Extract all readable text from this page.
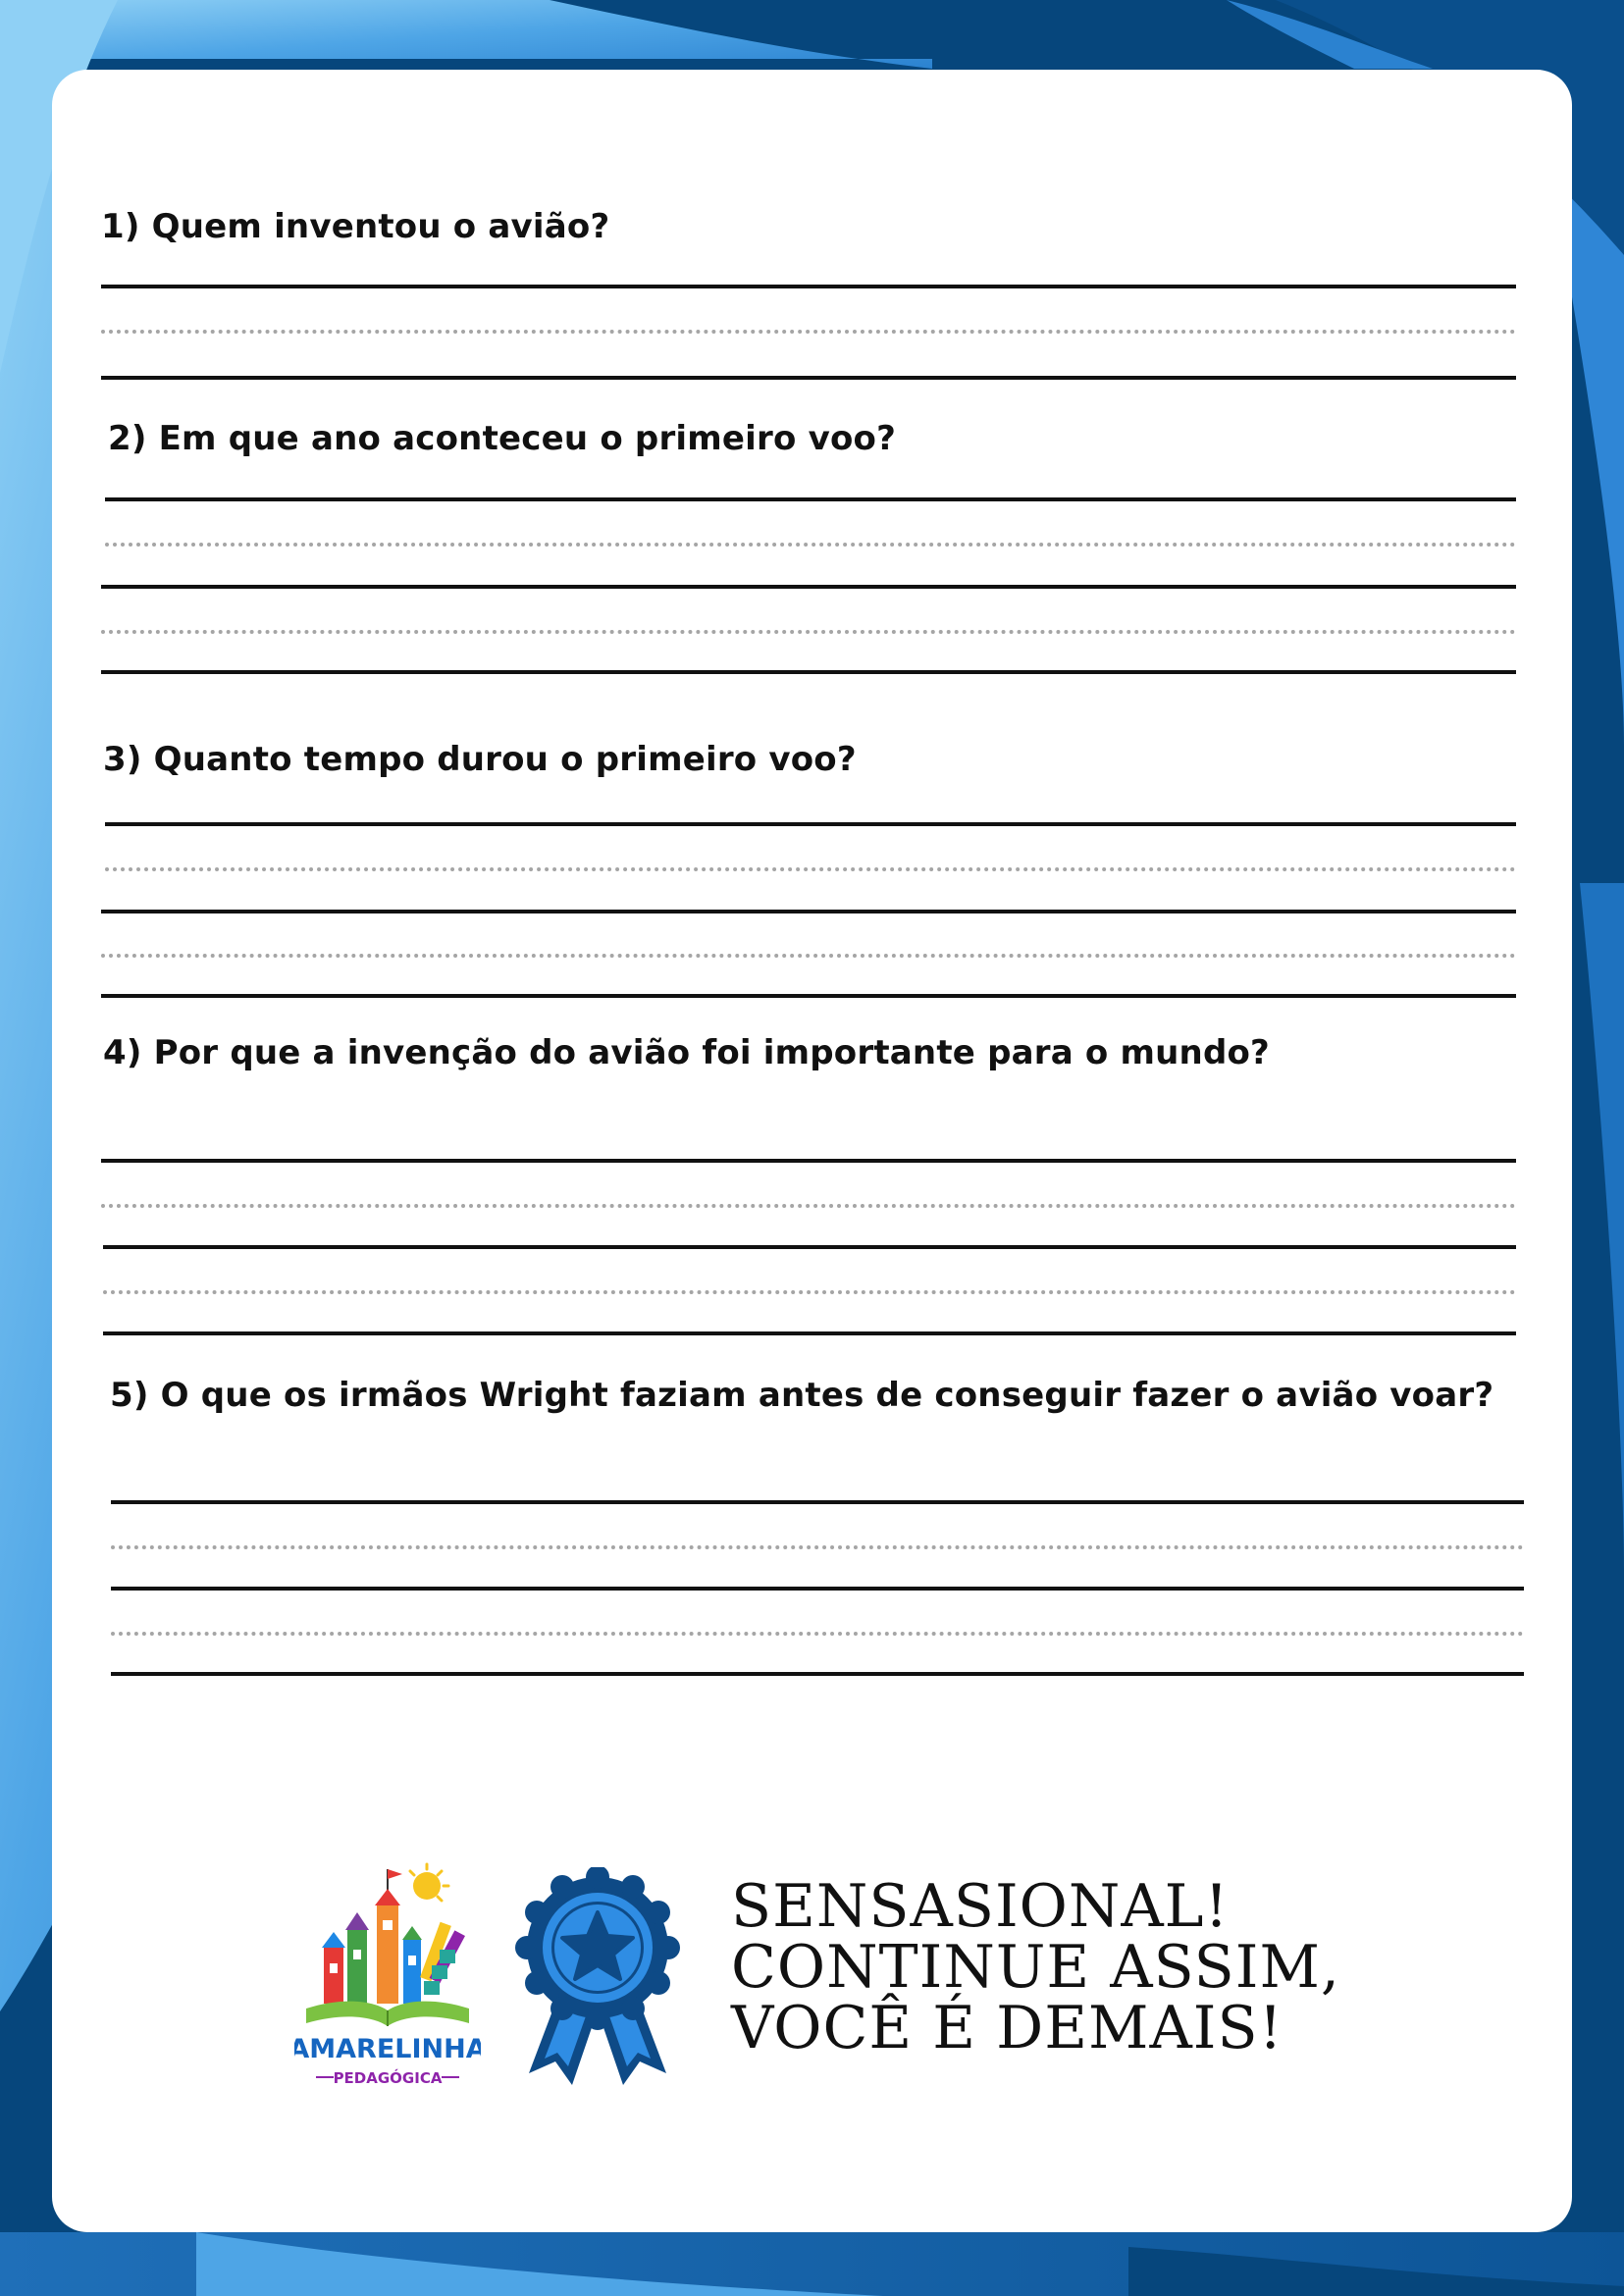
1) Quem inventou o avião?

2) Em que ano aconteceu o primeiro voo?

3) Quanto tempo durou o primeiro voo?

4) Por que a invenção do avião foi importante para o mundo?

5) O que os irmãos Wright faziam antes de conseguir fazer o avião voar?

AMARELINHA
PEDAGÓGICA
SENSASIONAL!
CONTINUE ASSIM,
VOCÊ É DEMAIS!
